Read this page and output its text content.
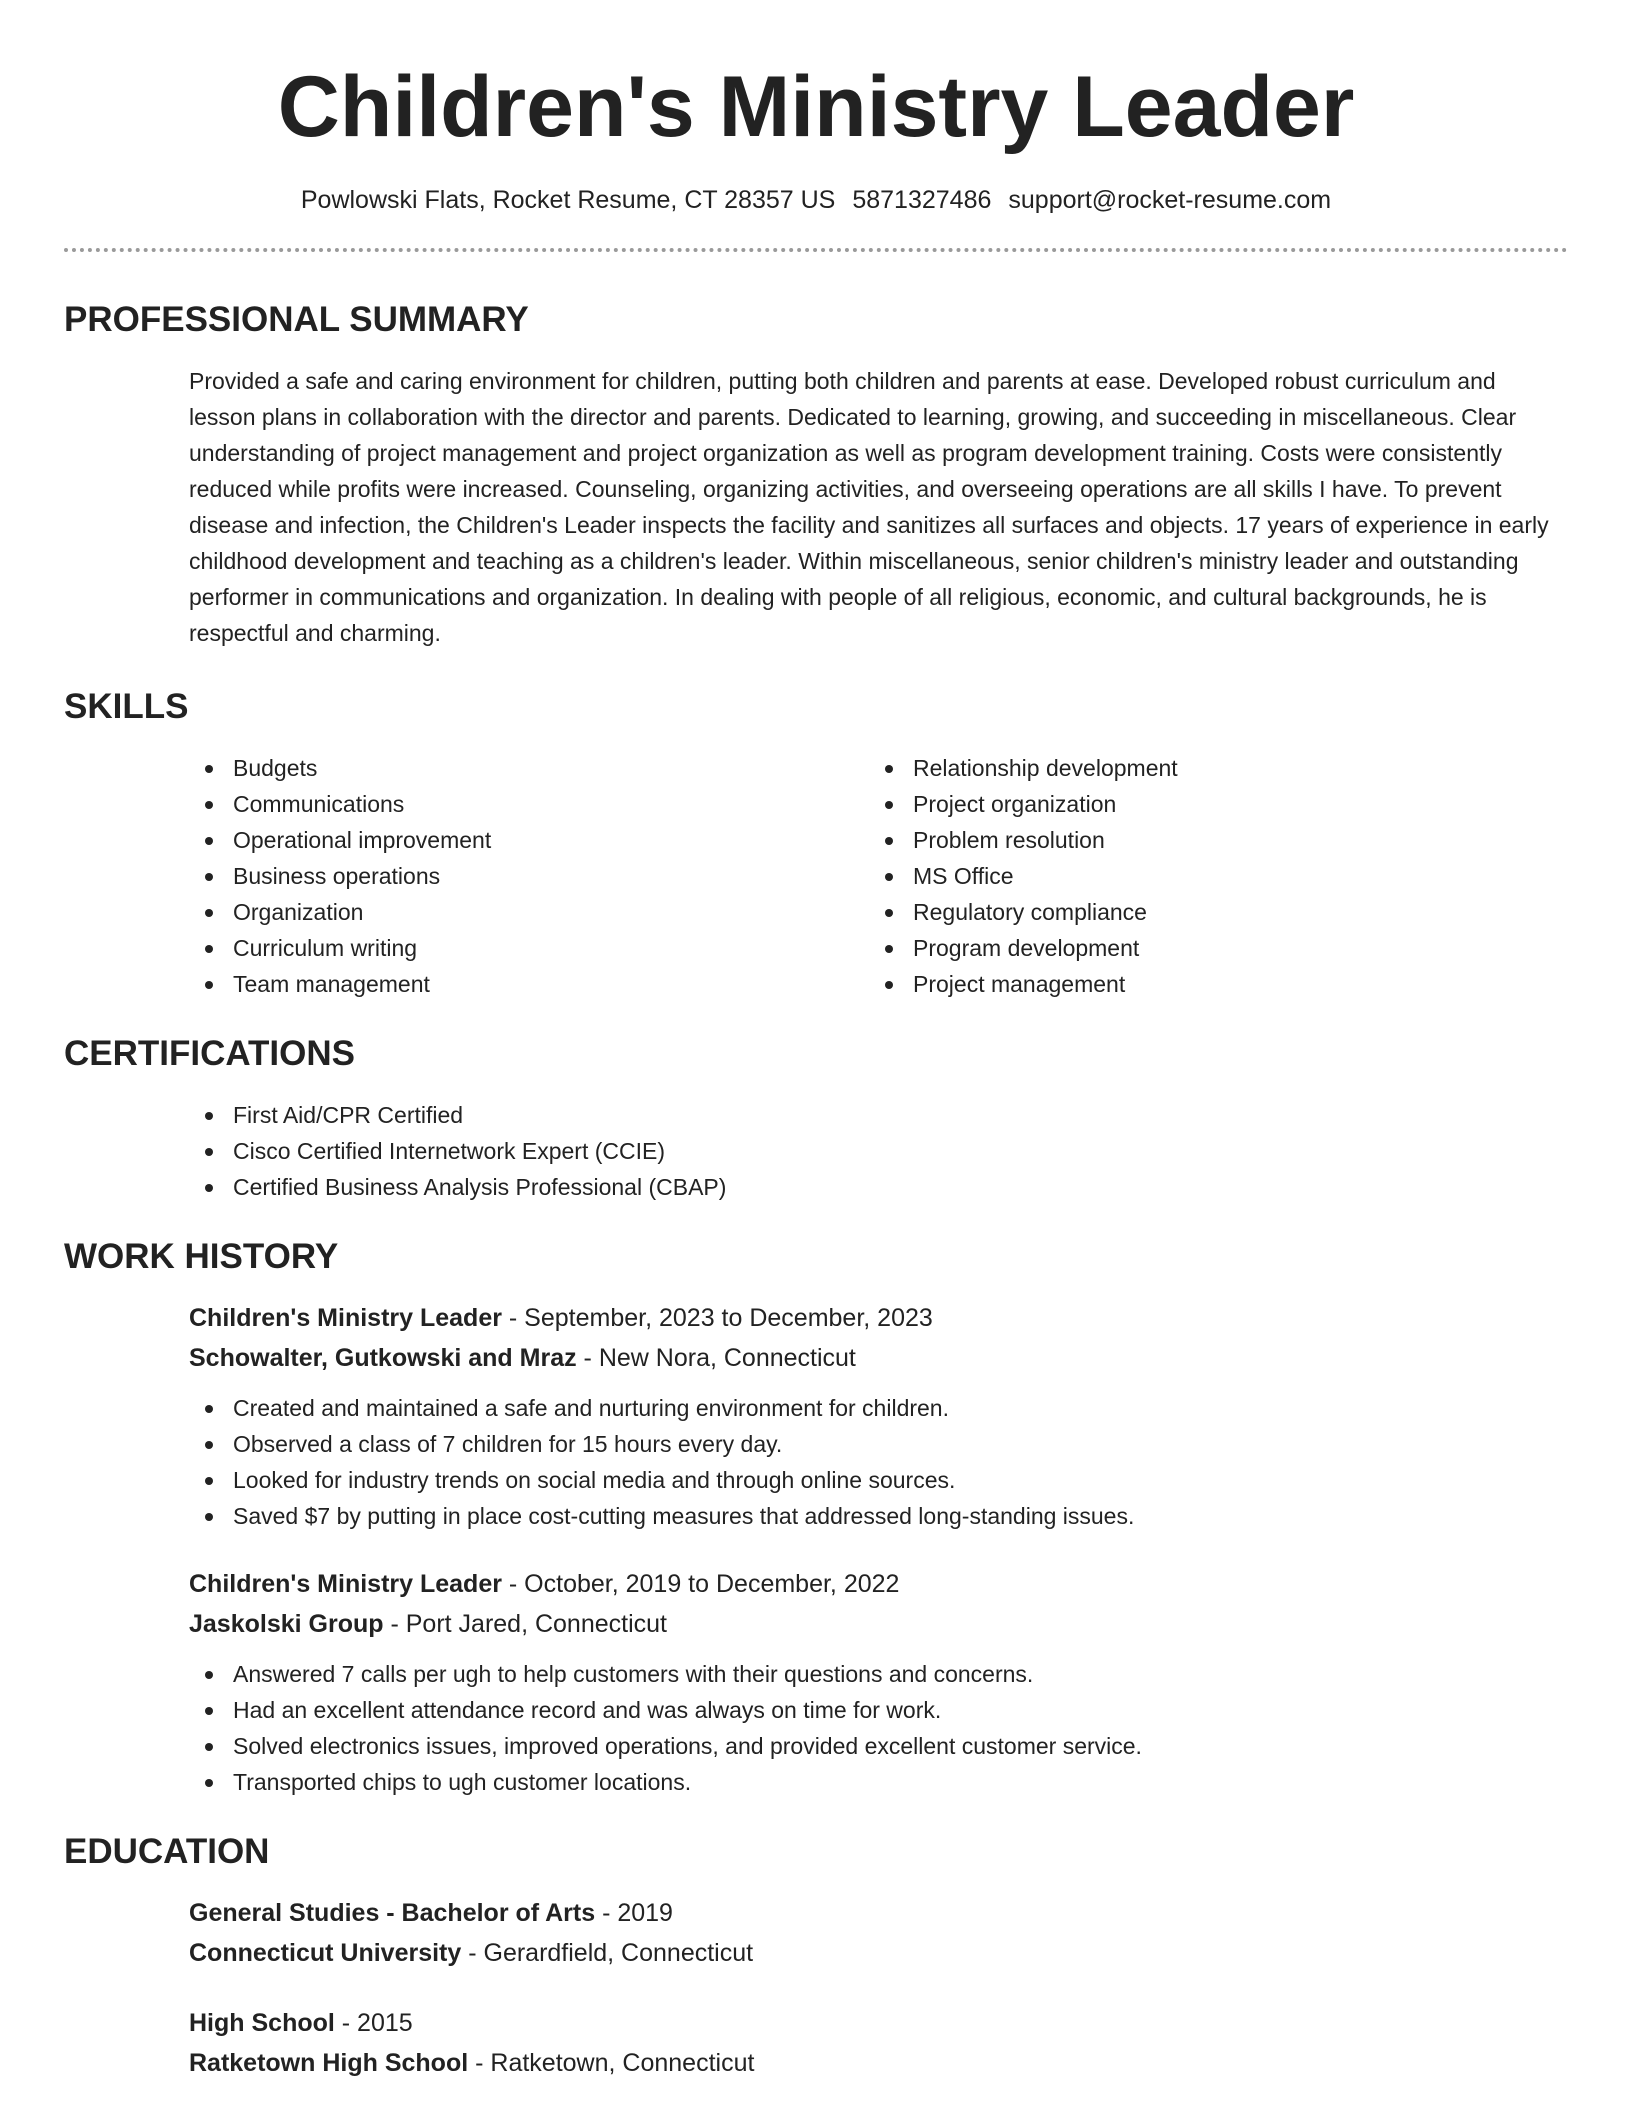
Children's Ministry Leader
Powlowski Flats, Rocket Resume, CT 28357 US 5871327486 support@rocket-resume.com
PROFESSIONAL SUMMARY

Provided a safe and caring environment for children, putting both children and parents at ease. Developed robust curriculum and lesson plans in collaboration with the director and parents. Dedicated to learning, growing, and succeeding in miscellaneous. Clear understanding of project management and project organization as well as program development training. Costs were consistently reduced while profits were increased. Counseling, organizing activities, and overseeing operations are all skills I have. To prevent disease and infection, the Children's Leader inspects the facility and sanitizes all surfaces and objects. 17 years of experience in early childhood development and teaching as a children's leader. Within miscellaneous, senior children's ministry leader and outstanding performer in communications and organization. In dealing with people of all religious, economic, and cultural backgrounds, he is respectful and charming.

SKILLS
Budgets
Communications
Operational improvement
Business operations
Organization
Curriculum writing
Team management
Relationship development
Project organization
Problem resolution
MS Office
Regulatory compliance
Program development
Project management
CERTIFICATIONS
First Aid/CPR Certified
Cisco Certified Internetwork Expert (CCIE)
Certified Business Analysis Professional (CBAP)
WORK HISTORY
Children's Ministry Leader - September, 2023 to December, 2023
Schowalter, Gutkowski and Mraz - New Nora, Connecticut
Created and maintained a safe and nurturing environment for children.
Observed a class of 7 children for 15 hours every day.
Looked for industry trends on social media and through online sources.
Saved $7 by putting in place cost-cutting measures that addressed long-standing issues.
Children's Ministry Leader - October, 2019 to December, 2022
Jaskolski Group - Port Jared, Connecticut
Answered 7 calls per ugh to help customers with their questions and concerns.
Had an excellent attendance record and was always on time for work.
Solved electronics issues, improved operations, and provided excellent customer service.
Transported chips to ugh customer locations.
EDUCATION
General Studies - Bachelor of Arts - 2019
Connecticut University - Gerardfield, Connecticut
High School - 2015
Ratketown High School - Ratketown, Connecticut
